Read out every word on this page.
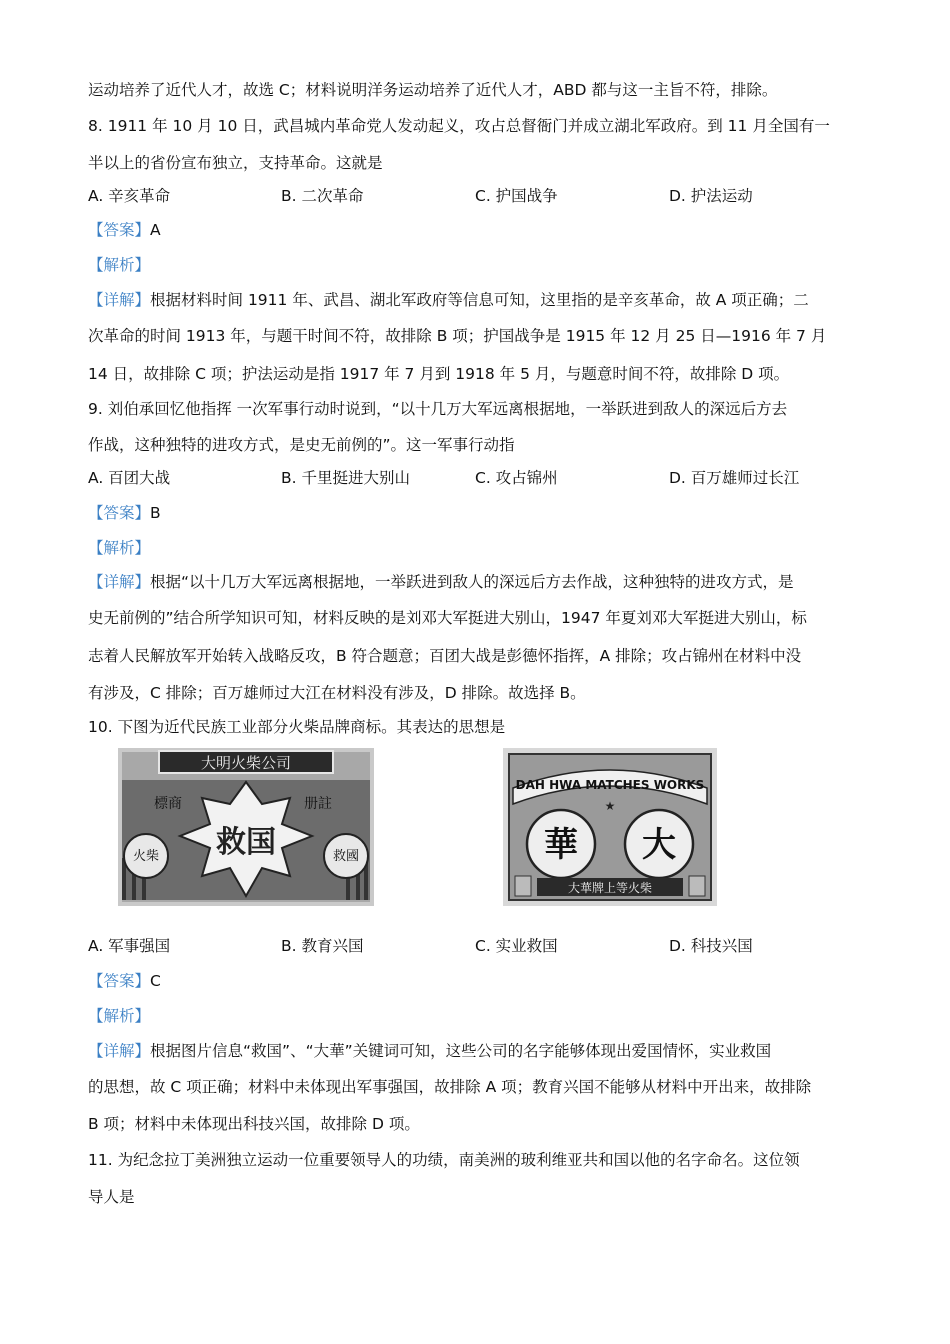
运动培养了近代人才，故选 C；材料说明洋务运动培养了近代人才，ABD 都与这一主旨不符，排除。
8. 1911 年 10 月 10 日，武昌城内革命党人发动起义，攻占总督衙门并成立湖北军政府。到 11 月全国有一
半以上的省份宣布独立，支持革命。这就是
A. 辛亥革命	B. 二次革命	C. 护国战争	D. 护法运动
【答案】A
【解析】
【详解】根据材料时间 1911 年、武昌、湖北军政府等信息可知，这里指的是辛亥革命，故 A 项正确；二
次革命的时间 1913 年，与题干时间不符，故排除 B 项；护国战争是 1915 年 12 月 25 日—1916 年 7 月
14 日，故排除 C 项；护法运动是指 1917 年 7 月到 1918 年 5 月，与题意时间不符，故排除 D 项。
9. 刘伯承回忆他指挥 一次军事行动时说到，“以十几万大军远离根据地，一举跃进到敌人的深远后方去
作战，这种独特的进攻方式，是史无前例的”。这一军事行动指
A. 百团大战	B. 千里挺进大别山	C. 攻占锦州	D. 百万雄师过长江
【答案】B
【解析】
【详解】根据“以十几万大军远离根据地，一举跃进到敌人的深远后方去作战，这种独特的进攻方式，是
史无前例的”结合所学知识可知，材料反映的是刘邓大军挺进大别山，1947 年夏刘邓大军挺进大别山，标
志着人民解放军开始转入战略反攻，B 符合题意；百团大战是彭德怀指挥，A 排除；攻占锦州在材料中没
有涉及，C 排除；百万雄师过大江在材料没有涉及，D 排除。故选择 B。
10. 下图为近代民族工业部分火柴品牌商标。其表达的思想是
大明火柴公司
救国
標商	册註
火柴	救國
DAH HWA MATCHES WORKS
★
華 大
大華牌上等火柴
A. 军事强国	B. 教育兴国	C. 实业救国	D. 科技兴国
【答案】C
【解析】
【详解】根据图片信息“救国”、“大華”关键词可知，这些公司的名字能够体现出爱国情怀，实业救国
的思想，故 C 项正确；材料中未体现出军事强国，故排除 A 项；教育兴国不能够从材料中开出来，故排除
B 项；材料中未体现出科技兴国，故排除 D 项。
11. 为纪念拉丁美洲独立运动一位重要领导人的功绩，南美洲的玻利维亚共和国以他的名字命名。这位领
导人是
